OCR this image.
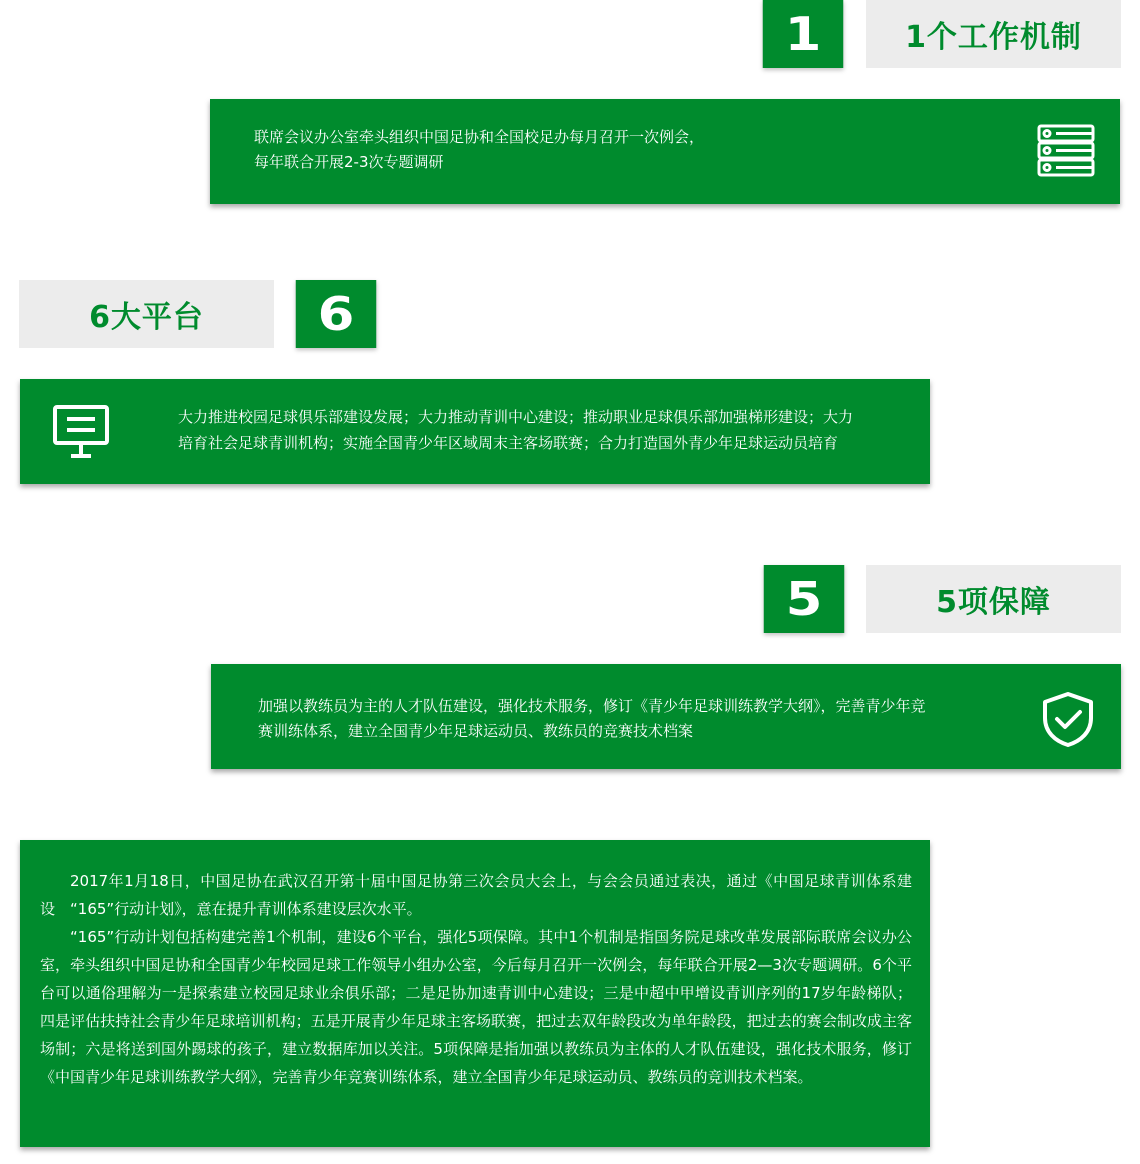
1	1个工作机制
联席会议办公室牵头组织中国足协和全国校足办每月召开一次例会，
每年联合开展2-3次专题调研
6大平台 6
大力推进校园足球俱乐部建设发展；大力推动青训中心建设；推动职业足球俱乐部加强梯形建设；大力
培育社会足球青训机构；实施全国青少年区域周末主客场联赛；合力打造国外青少年足球运动员培育
5	5项保障
加强以教练员为主的人才队伍建设，强化技术服务，修订《青少年足球训练教学大纲》，完善青少年竞
赛训练体系，建立全国青少年足球运动员、教练员的竞赛技术档案

2017年1月18日，中国足协在武汉召开第十届中国足协第三次会员大会上，与会会员通过表决，通过《中国足球青训体系建设　“165”行动计划》，意在提升青训体系建设层次水平。

“165”行动计划包括构建完善1个机制，建设6个平台，强化5项保障。其中1个机制是指国务院足球改革发展部际联席会议办公室，牵头组织中国足协和全国青少年校园足球工作领导小组办公室，今后每月召开一次例会，每年联合开展2—3次专题调研。6个平台可以通俗理解为一是探索建立校园足球业余俱乐部；二是足协加速青训中心建设；三是中超中甲增设青训序列的17岁年龄梯队；四是评估扶持社会青少年足球培训机构；五是开展青少年足球主客场联赛，把过去双年龄段改为单年龄段，把过去的赛会制改成主客场制；六是将送到国外踢球的孩子，建立数据库加以关注。5项保障是指加强以教练员为主体的人才队伍建设，强化技术服务，修订《中国青少年足球训练教学大纲》，完善青少年竞赛训练体系，建立全国青少年足球运动员、教练员的竞训技术档案。
